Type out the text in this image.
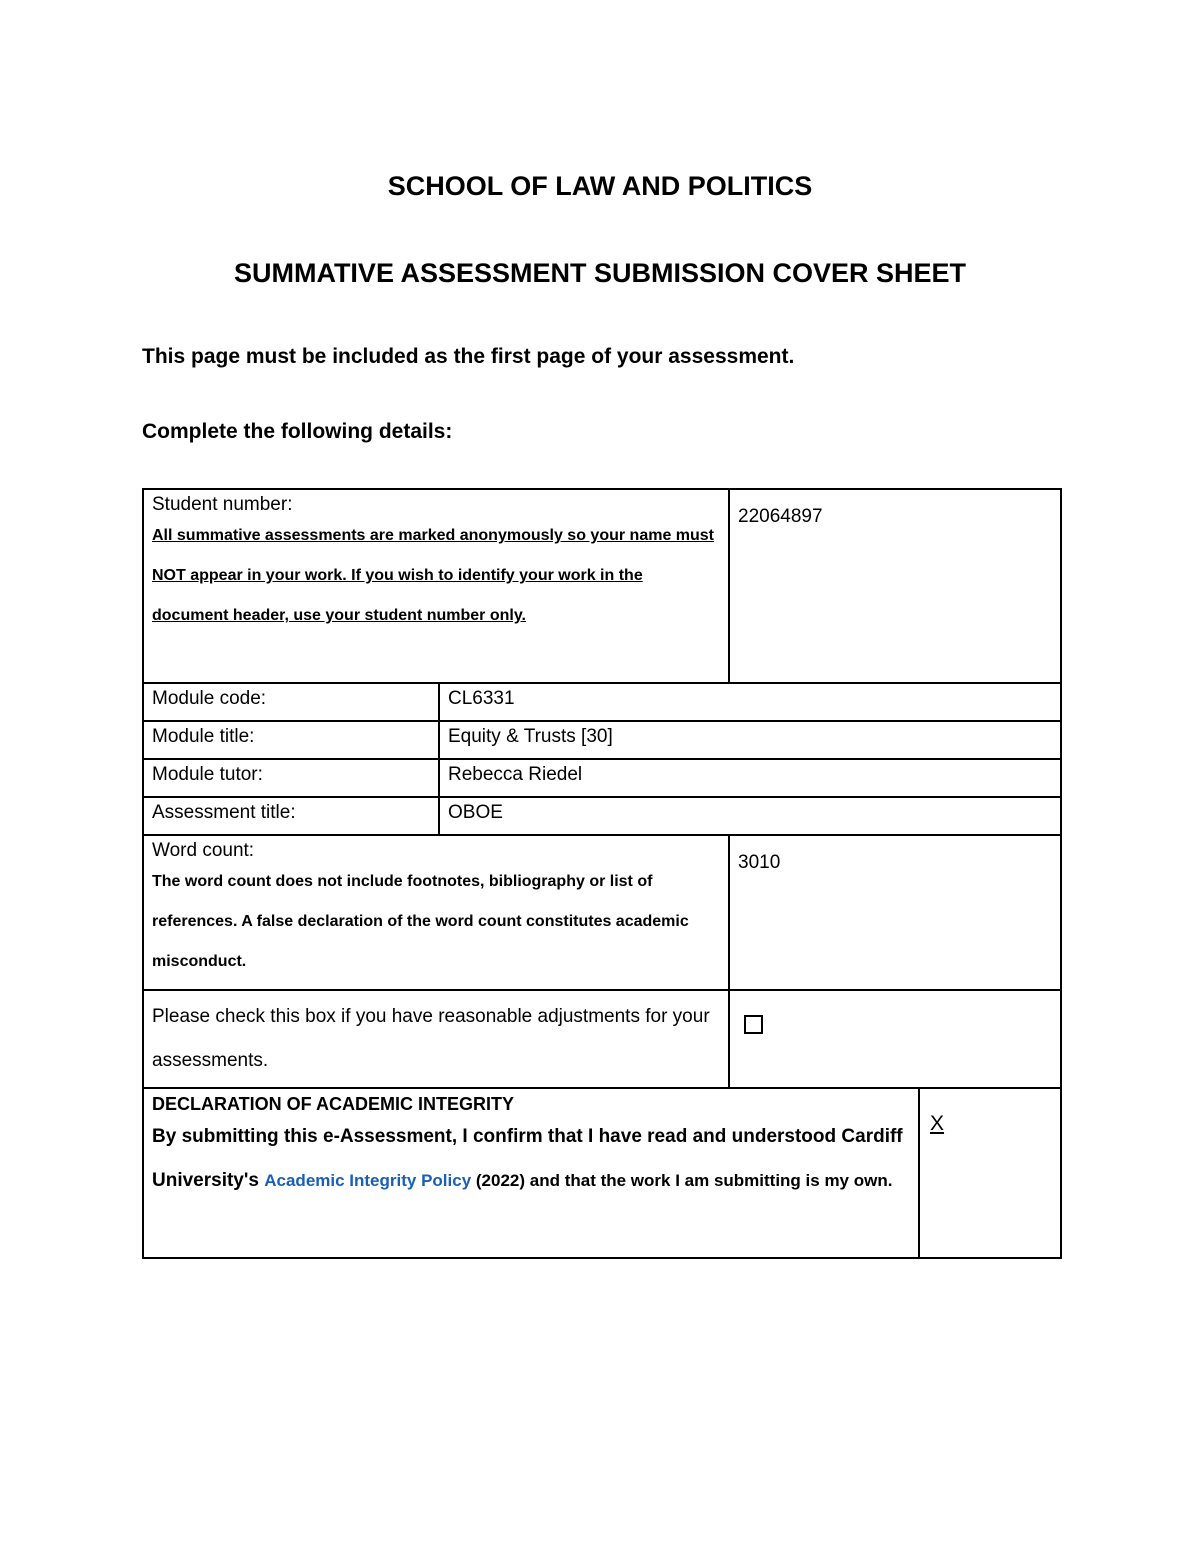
SCHOOL OF LAW AND POLITICS
SUMMATIVE ASSESSMENT SUBMISSION COVER SHEET

This page must be included as the first page of your assessment.

Complete the following details:

Student number:
All summative assessments are marked anonymously so your name must NOT appear in your work. If you wish to identify your work in the document header, use your student number only.		22064897	
Module code:	CL6331		
Module title:	Equity & Trusts [30]		
Module tutor:	Rebecca Riedel		
Assessment title:	OBOE		

Word count:
The word count does not include footnotes, bibliography or list of references. A false declaration of the word count constitutes academic misconduct.		3010	
Please check this box if you have reasonable adjustments for your assessments.			

DECLARATION OF ACADEMIC INTEGRITY
By submitting this e-Assessment, I confirm that I have read and understood Cardiff University's Academic Integrity Policy (2022) and that the work I am submitting is my own.			X
